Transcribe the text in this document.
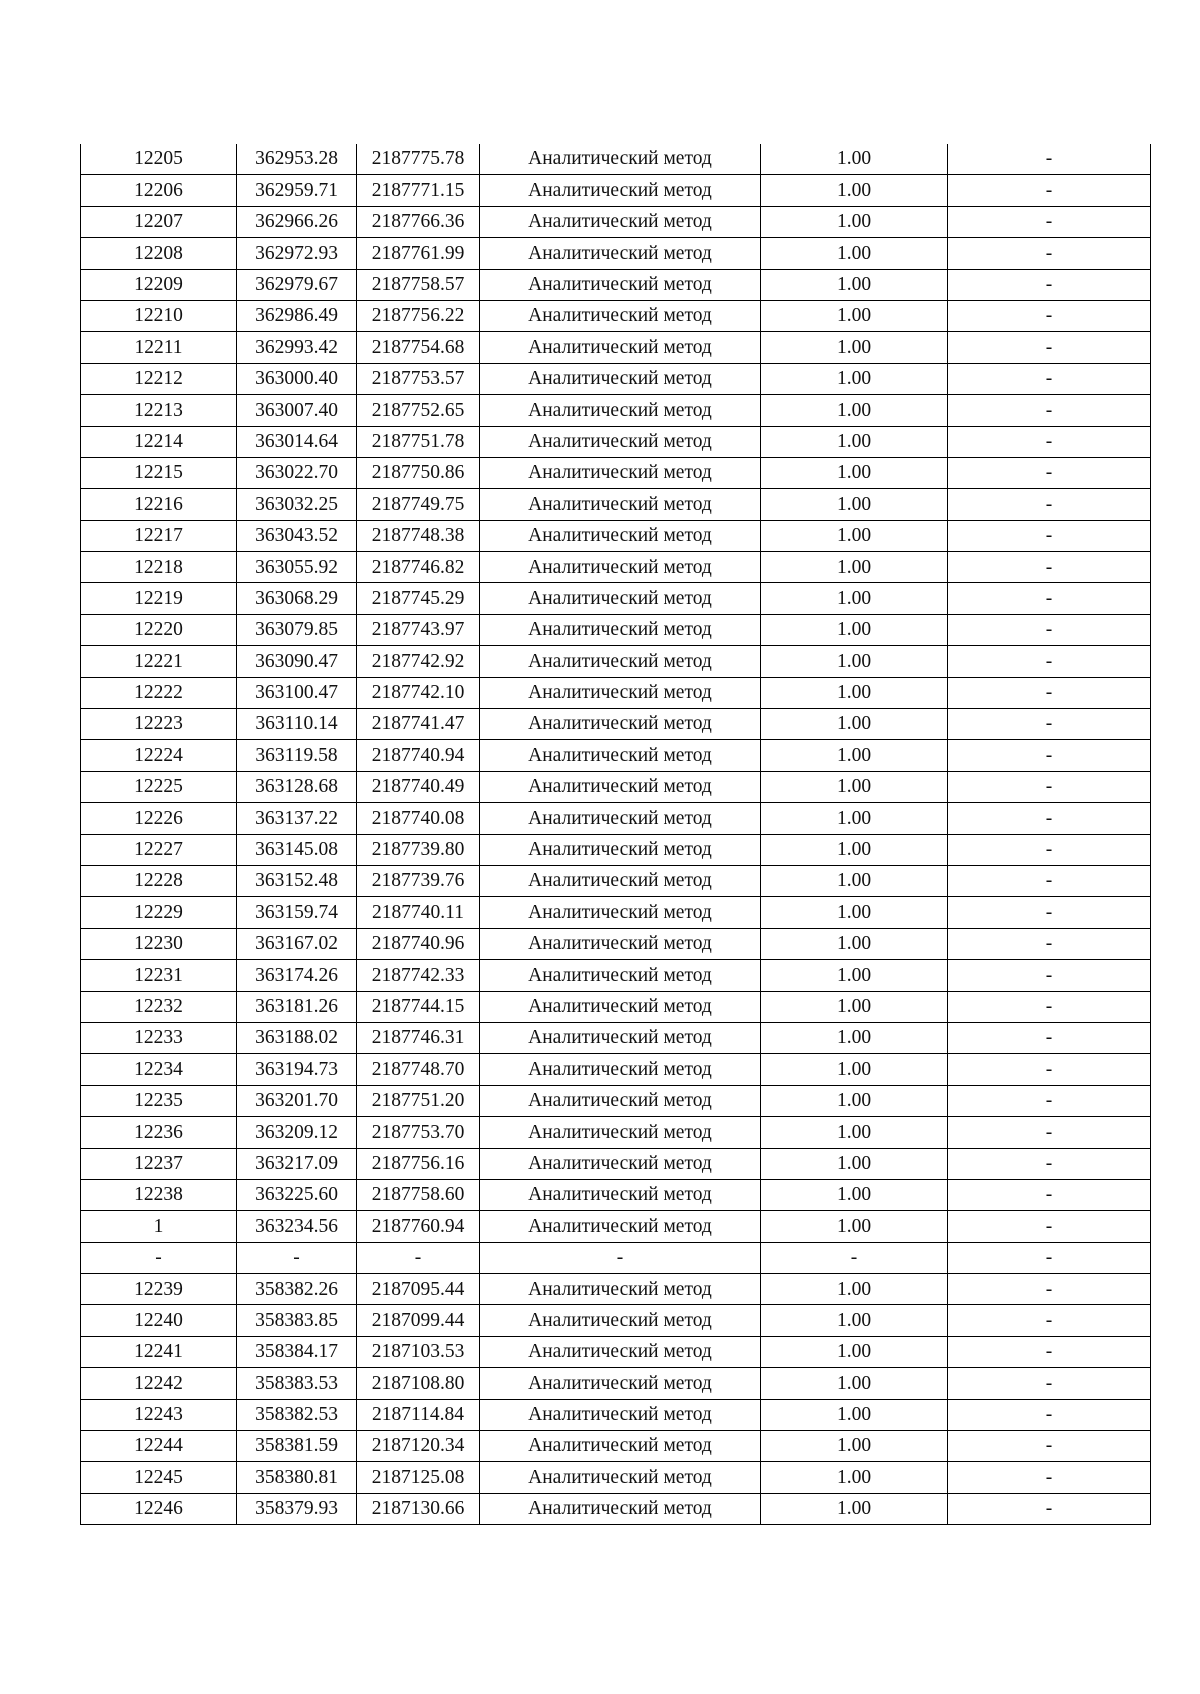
12205	362953.28	2187775.78	Аналитический метод	1.00	-
12206	362959.71	2187771.15	Аналитический метод	1.00	-
12207	362966.26	2187766.36	Аналитический метод	1.00	-
12208	362972.93	2187761.99	Аналитический метод	1.00	-
12209	362979.67	2187758.57	Аналитический метод	1.00	-
12210	362986.49	2187756.22	Аналитический метод	1.00	-
12211	362993.42	2187754.68	Аналитический метод	1.00	-
12212	363000.40	2187753.57	Аналитический метод	1.00	-
12213	363007.40	2187752.65	Аналитический метод	1.00	-
12214	363014.64	2187751.78	Аналитический метод	1.00	-
12215	363022.70	2187750.86	Аналитический метод	1.00	-
12216	363032.25	2187749.75	Аналитический метод	1.00	-
12217	363043.52	2187748.38	Аналитический метод	1.00	-
12218	363055.92	2187746.82	Аналитический метод	1.00	-
12219	363068.29	2187745.29	Аналитический метод	1.00	-
12220	363079.85	2187743.97	Аналитический метод	1.00	-
12221	363090.47	2187742.92	Аналитический метод	1.00	-
12222	363100.47	2187742.10	Аналитический метод	1.00	-
12223	363110.14	2187741.47	Аналитический метод	1.00	-
12224	363119.58	2187740.94	Аналитический метод	1.00	-
12225	363128.68	2187740.49	Аналитический метод	1.00	-
12226	363137.22	2187740.08	Аналитический метод	1.00	-
12227	363145.08	2187739.80	Аналитический метод	1.00	-
12228	363152.48	2187739.76	Аналитический метод	1.00	-
12229	363159.74	2187740.11	Аналитический метод	1.00	-
12230	363167.02	2187740.96	Аналитический метод	1.00	-
12231	363174.26	2187742.33	Аналитический метод	1.00	-
12232	363181.26	2187744.15	Аналитический метод	1.00	-
12233	363188.02	2187746.31	Аналитический метод	1.00	-
12234	363194.73	2187748.70	Аналитический метод	1.00	-
12235	363201.70	2187751.20	Аналитический метод	1.00	-
12236	363209.12	2187753.70	Аналитический метод	1.00	-
12237	363217.09	2187756.16	Аналитический метод	1.00	-
12238	363225.60	2187758.60	Аналитический метод	1.00	-
1	363234.56	2187760.94	Аналитический метод	1.00	-
-	-	-	-	-	-
12239	358382.26	2187095.44	Аналитический метод	1.00	-
12240	358383.85	2187099.44	Аналитический метод	1.00	-
12241	358384.17	2187103.53	Аналитический метод	1.00	-
12242	358383.53	2187108.80	Аналитический метод	1.00	-
12243	358382.53	2187114.84	Аналитический метод	1.00	-
12244	358381.59	2187120.34	Аналитический метод	1.00	-
12245	358380.81	2187125.08	Аналитический метод	1.00	-
12246	358379.93	2187130.66	Аналитический метод	1.00	-
